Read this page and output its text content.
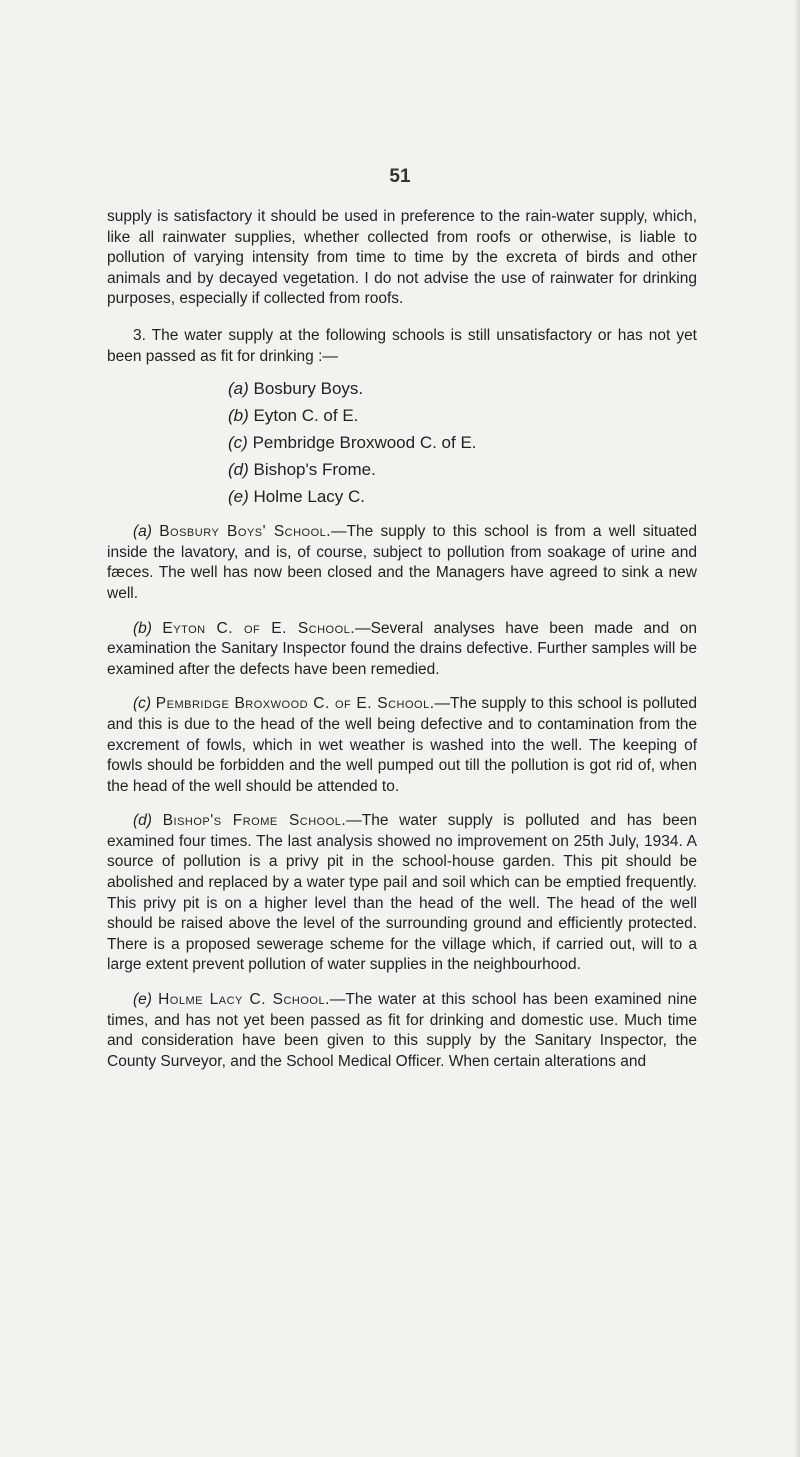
51

supply is satisfactory it should be used in preference to the rain-water supply, which, like all rainwater supplies, whether collected from roofs or otherwise, is liable to pollution of varying intensity from time to time by the excreta of birds and other animals and by decayed vegetation. I do not advise the use of rainwater for drinking purposes, especially if collected from roofs.

3. The water supply at the following schools is still unsatisfactory or has not yet been passed as fit for drinking :—

(a) Bosbury Boys.
(b) Eyton C. of E.
(c) Pembridge Broxwood C. of E.
(d) Bishop's Frome.
(e) Holme Lacy C.

(a) Bosbury Boys' School.—The supply to this school is from a well situated inside the lavatory, and is, of course, subject to pollution from soakage of urine and fæces. The well has now been closed and the Managers have agreed to sink a new well.

(b) Eyton C. of E. School.—Several analyses have been made and on examination the Sanitary Inspector found the drains defective. Further samples will be examined after the defects have been remedied.

(c) Pembridge Broxwood C. of E. School.—The supply to this school is polluted and this is due to the head of the well being defective and to contamination from the excrement of fowls, which in wet weather is washed into the well. The keeping of fowls should be forbidden and the well pumped out till the pollution is got rid of, when the head of the well should be attended to.

(d) Bishop's Frome School.—The water supply is polluted and has been examined four times. The last analysis showed no improvement on 25th July, 1934. A source of pollution is a privy pit in the school-house garden. This pit should be abolished and replaced by a water type pail and soil which can be emptied frequently. This privy pit is on a higher level than the head of the well. The head of the well should be raised above the level of the surrounding ground and efficiently protected. There is a proposed sewerage scheme for the village which, if carried out, will to a large extent prevent pollution of water supplies in the neighbourhood.

(e) Holme Lacy C. School.—The water at this school has been examined nine times, and has not yet been passed as fit for drinking and domestic use. Much time and consideration have been given to this supply by the Sanitary Inspector, the County Surveyor, and the School Medical Officer. When certain alterations and
